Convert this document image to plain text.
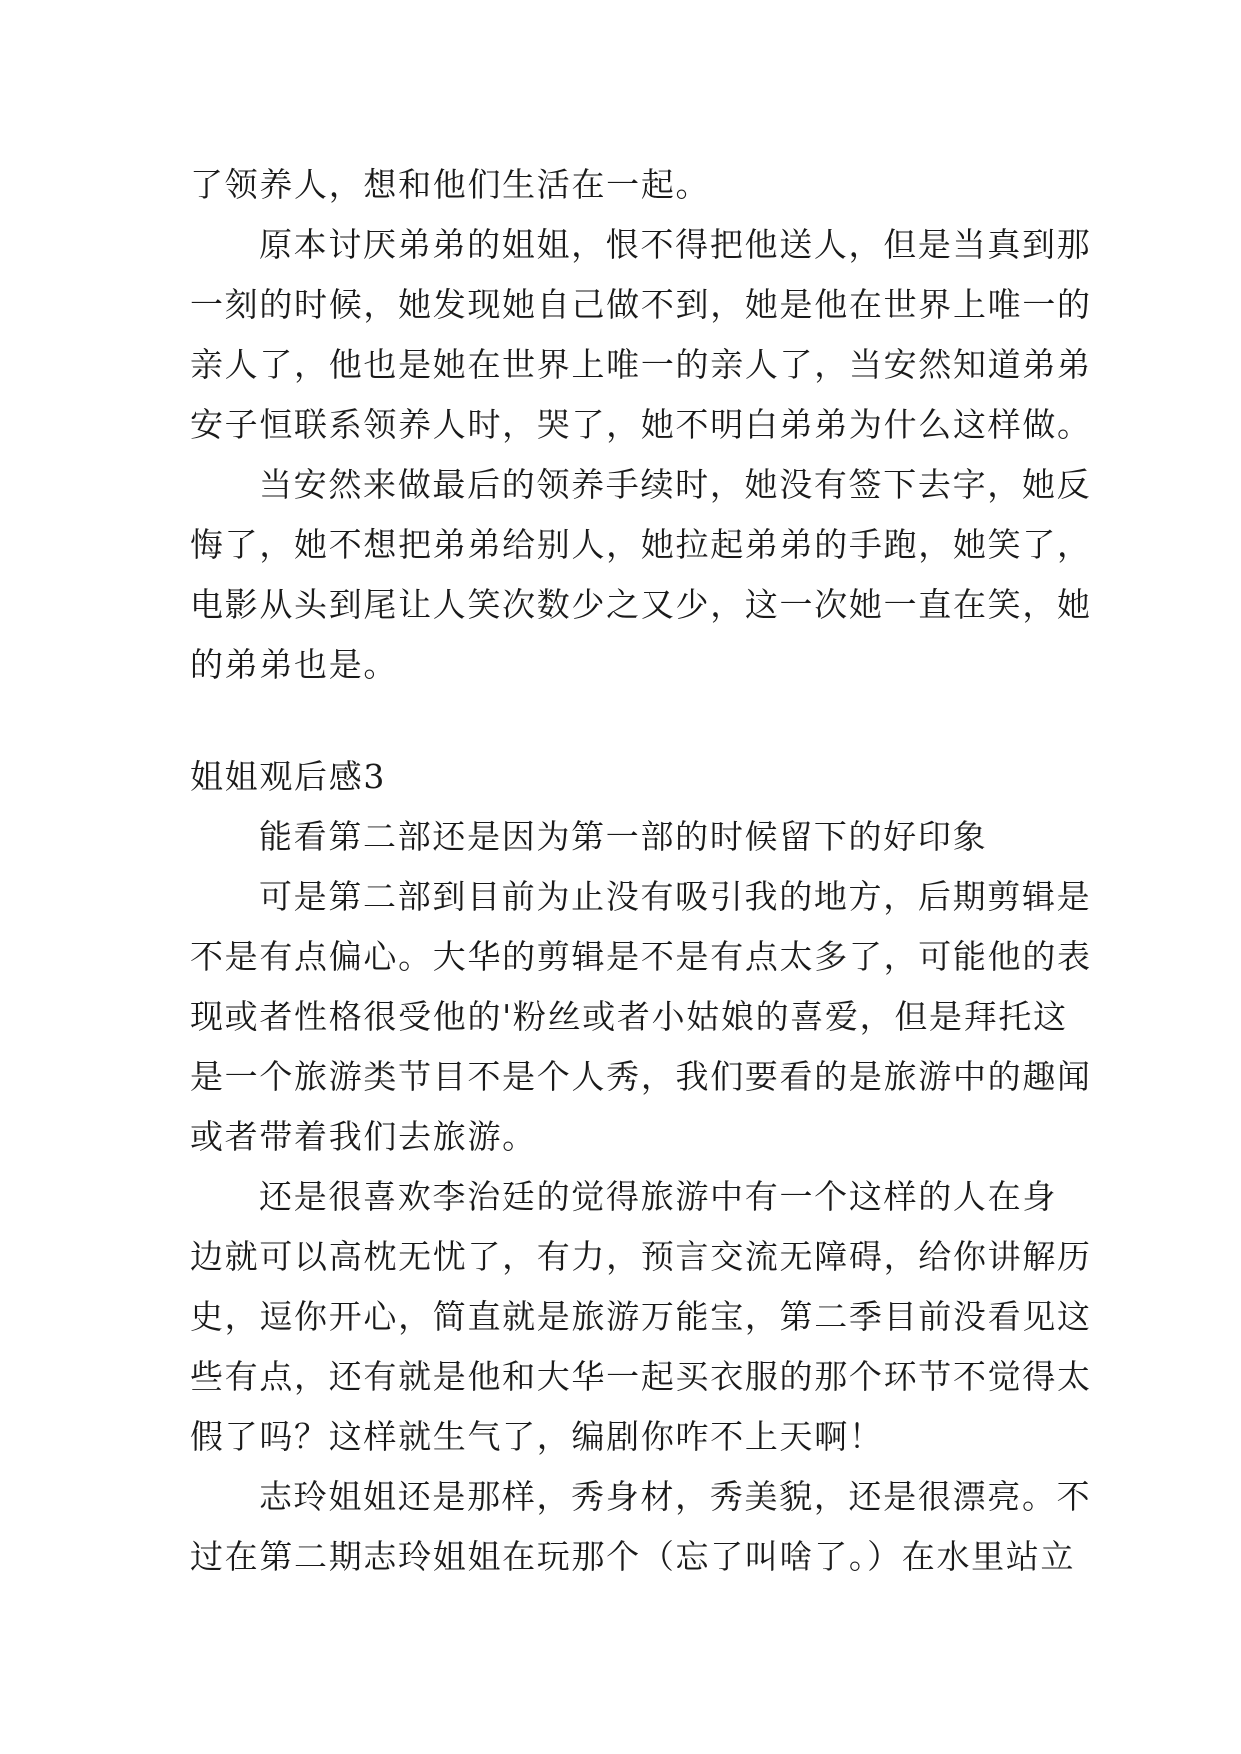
了领养人，想和他们生活在一起。
原本讨厌弟弟的姐姐，恨不得把他送人，但是当真到那
一刻的时候，她发现她自己做不到，她是他在世界上唯一的
亲人了，他也是她在世界上唯一的亲人了，当安然知道弟弟
安子恒联系领养人时，哭了，她不明白弟弟为什么这样做。
当安然来做最后的领养手续时，她没有签下去字，她反
悔了，她不想把弟弟给别人，她拉起弟弟的手跑，她笑了，
电影从头到尾让人笑次数少之又少，这一次她一直在笑，她
的弟弟也是。
姐姐观后感3
能看第二部还是因为第一部的时候留下的好印象
可是第二部到目前为止没有吸引我的地方，后期剪辑是
不是有点偏心。大华的剪辑是不是有点太多了，可能他的表
现或者性格很受他的'粉丝或者小姑娘的喜爱，但是拜托这
是一个旅游类节目不是个人秀，我们要看的是旅游中的趣闻
或者带着我们去旅游。
还是很喜欢李治廷的觉得旅游中有一个这样的人在身
边就可以高枕无忧了，有力，预言交流无障碍，给你讲解历
史，逗你开心，简直就是旅游万能宝，第二季目前没看见这
些有点，还有就是他和大华一起买衣服的那个环节不觉得太
假了吗？这样就生气了，编剧你咋不上天啊！
志玲姐姐还是那样，秀身材，秀美貌，还是很漂亮。不
过在第二期志玲姐姐在玩那个（忘了叫啥了。）在水里站立
